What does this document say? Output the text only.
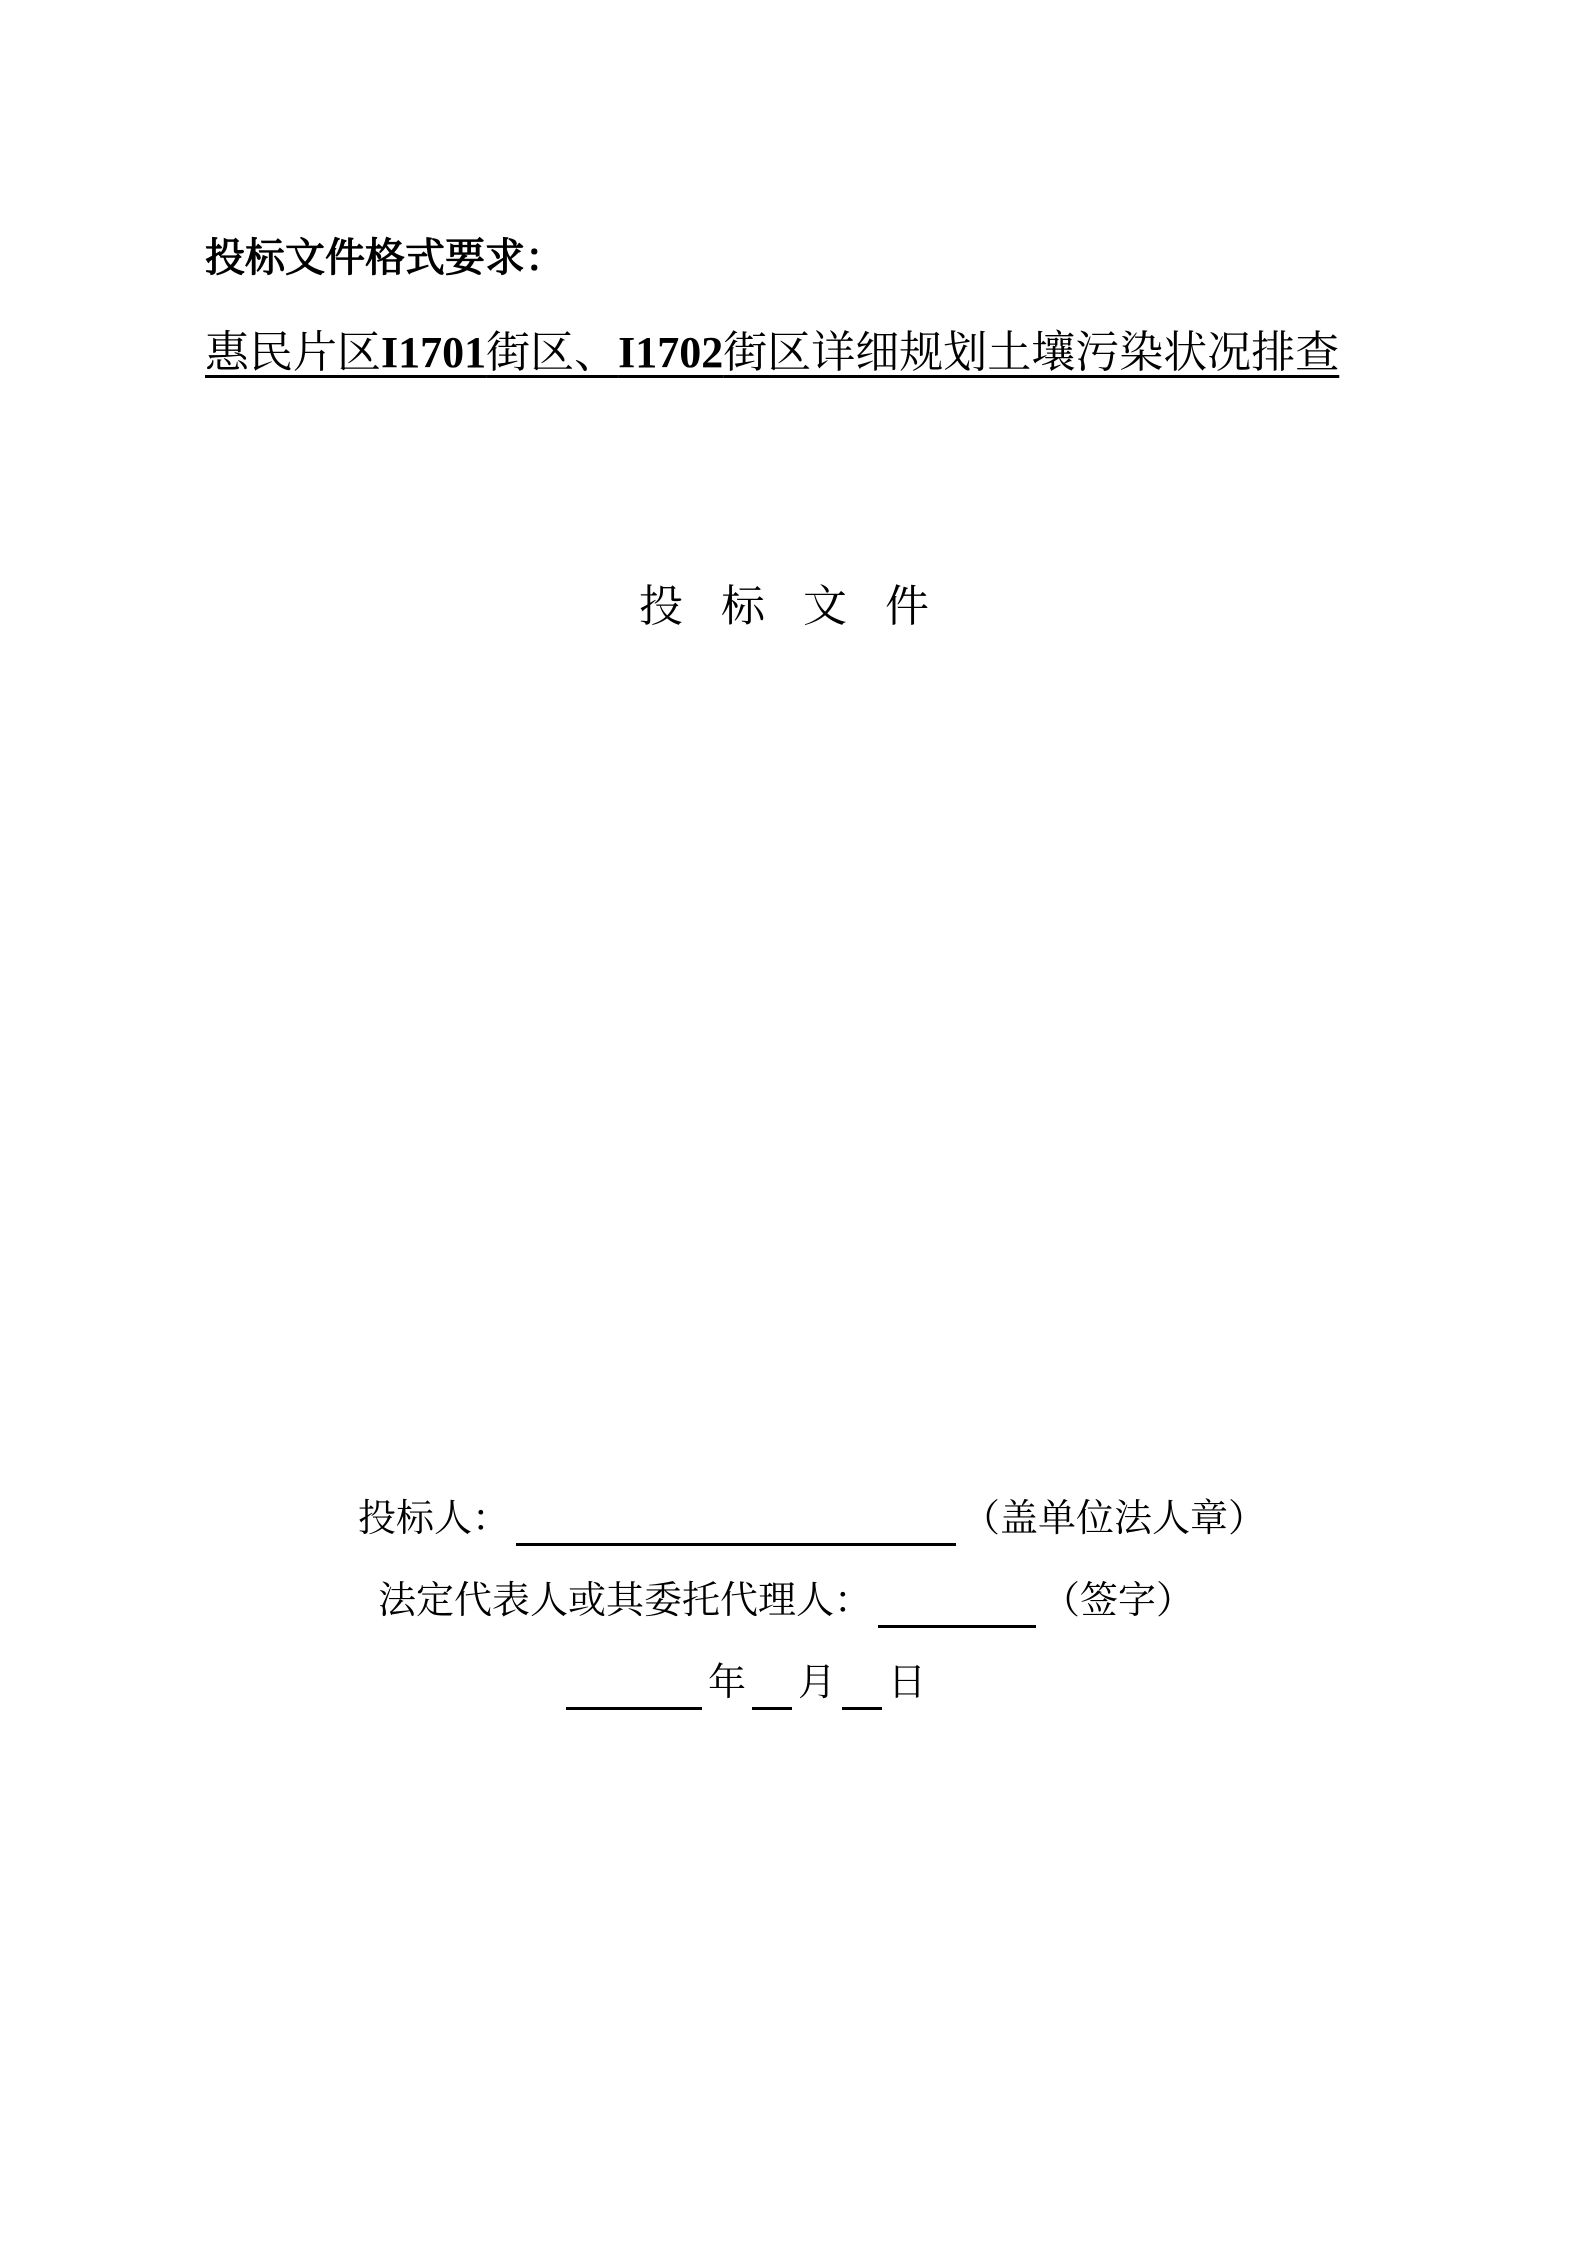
投标文件格式要求：
惠民片区I1701街区、I1702街区详细规划土壤污染状况排查
投标文件
投标人：	（盖单位法人章）
法定代表人或其委托代理人：	（签字）
年 月 日
